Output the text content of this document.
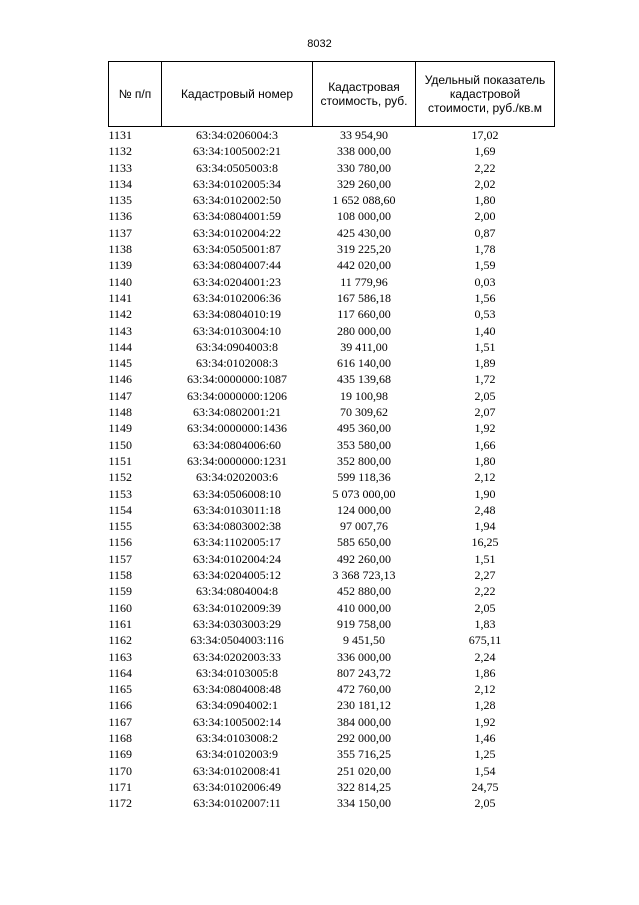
8032
№ п/п	Кадастровый номер	Кадастровая стоимость, руб.	Удельный показатель кадастровой стоимости, руб./кв.м
1131	63:34:0206004:3	33 954,90	17,02
1132	63:34:1005002:21	338 000,00	1,69
1133	63:34:0505003:8	330 780,00	2,22
1134	63:34:0102005:34	329 260,00	2,02
1135	63:34:0102002:50	1 652 088,60	1,80
1136	63:34:0804001:59	108 000,00	2,00
1137	63:34:0102004:22	425 430,00	0,87
1138	63:34:0505001:87	319 225,20	1,78
1139	63:34:0804007:44	442 020,00	1,59
1140	63:34:0204001:23	11 779,96	0,03
1141	63:34:0102006:36	167 586,18	1,56
1142	63:34:0804010:19	117 660,00	0,53
1143	63:34:0103004:10	280 000,00	1,40
1144	63:34:0904003:8	39 411,00	1,51
1145	63:34:0102008:3	616 140,00	1,89
1146	63:34:0000000:1087	435 139,68	1,72
1147	63:34:0000000:1206	19 100,98	2,05
1148	63:34:0802001:21	70 309,62	2,07
1149	63:34:0000000:1436	495 360,00	1,92
1150	63:34:0804006:60	353 580,00	1,66
1151	63:34:0000000:1231	352 800,00	1,80
1152	63:34:0202003:6	599 118,36	2,12
1153	63:34:0506008:10	5 073 000,00	1,90
1154	63:34:0103011:18	124 000,00	2,48
1155	63:34:0803002:38	97 007,76	1,94
1156	63:34:1102005:17	585 650,00	16,25
1157	63:34:0102004:24	492 260,00	1,51
1158	63:34:0204005:12	3 368 723,13	2,27
1159	63:34:0804004:8	452 880,00	2,22
1160	63:34:0102009:39	410 000,00	2,05
1161	63:34:0303003:29	919 758,00	1,83
1162	63:34:0504003:116	9 451,50	675,11
1163	63:34:0202003:33	336 000,00	2,24
1164	63:34:0103005:8	807 243,72	1,86
1165	63:34:0804008:48	472 760,00	2,12
1166	63:34:0904002:1	230 181,12	1,28
1167	63:34:1005002:14	384 000,00	1,92
1168	63:34:0103008:2	292 000,00	1,46
1169	63:34:0102003:9	355 716,25	1,25
1170	63:34:0102008:41	251 020,00	1,54
1171	63:34:0102006:49	322 814,25	24,75
1172	63:34:0102007:11	334 150,00	2,05
